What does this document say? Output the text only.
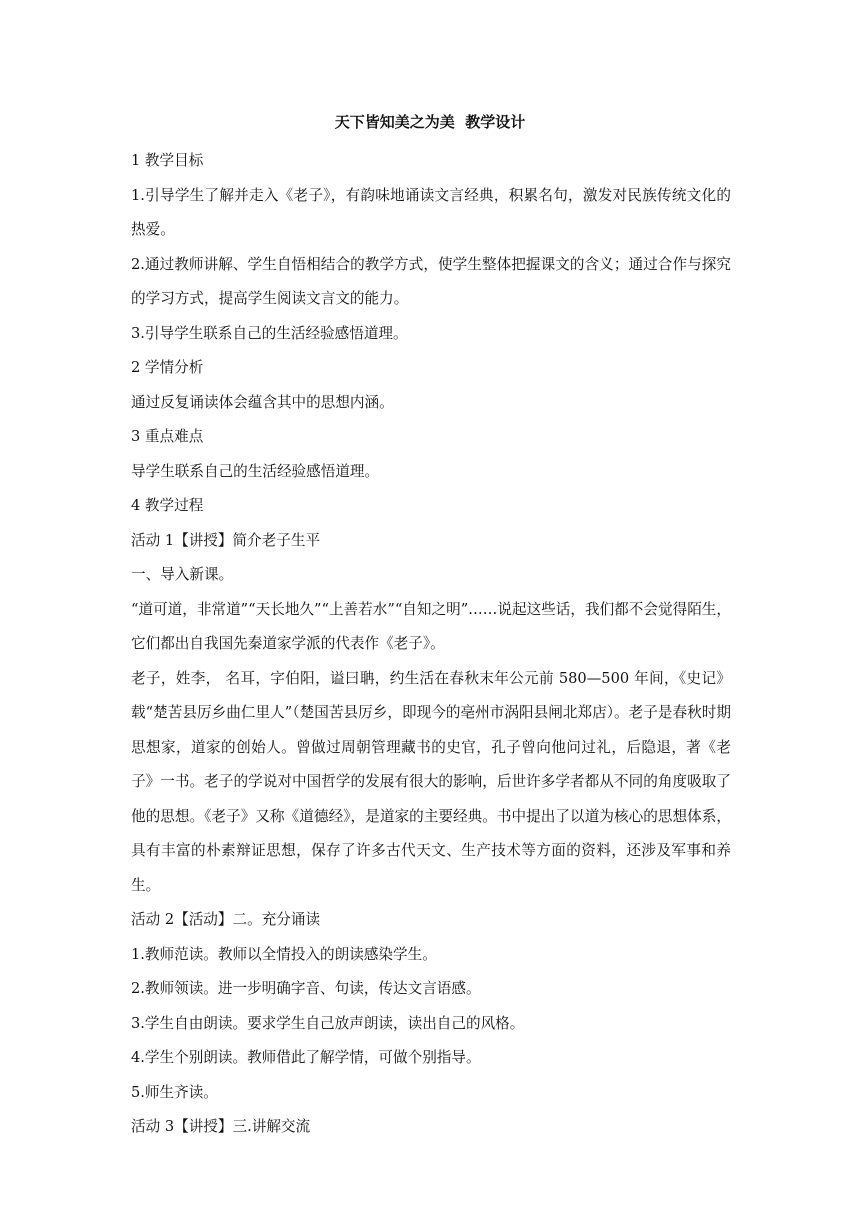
天下皆知美之为美  教学设计

1 教学目标

1.引导学生了解并走入《老子》，有韵味地诵读文言经典，积累名句，激发对民族传统文化的热爱。

2.通过教师讲解、学生自悟相结合的教学方式，使学生整体把握课文的含义；通过合作与探究的学习方式，提高学生阅读文言文的能力。

3.引导学生联系自己的生活经验感悟道理。

2 学情分析

通过反复诵读体会蕴含其中的思想内涵。

3 重点难点

导学生联系自己的生活经验感悟道理。

4 教学过程

活动 1【讲授】简介老子生平

一、导入新课。

“道可道，非常道”“天长地久”“上善若水”“自知之明”……说起这些话，我们都不会觉得陌生，它们都出自我国先秦道家学派的代表作《老子》。

老子，姓李， 名耳，字伯阳，谥曰聃，约生活在春秋末年公元前 580—500 年间，《史记》载“楚苦县厉乡曲仁里人”（楚国苦县厉乡，即现今的亳州市涡阳县闸北郑店）。老子是春秋时期思想家，道家的创始人。曾做过周朝管理藏书的史官，孔子曾向他问过礼，后隐退，著《老子》一书。老子的学说对中国哲学的发展有很大的影响，后世许多学者都从不同的角度吸取了他的思想。《老子》又称《道德经》，是道家的主要经典。书中提出了以道为核心的思想体系，具有丰富的朴素辩证思想，保存了许多古代天文、生产技术等方面的资料，还涉及军事和养生。

活动 2【活动】二。充分诵读

1.教师范读。教师以全情投入的朗读感染学生。

2.教师领读。进一步明确字音、句读，传达文言语感。

3.学生自由朗读。要求学生自己放声朗读，读出自己的风格。

4.学生个别朗读。教师借此了解学情，可做个别指导。

5.师生齐读。

活动 3【讲授】三.讲解交流
